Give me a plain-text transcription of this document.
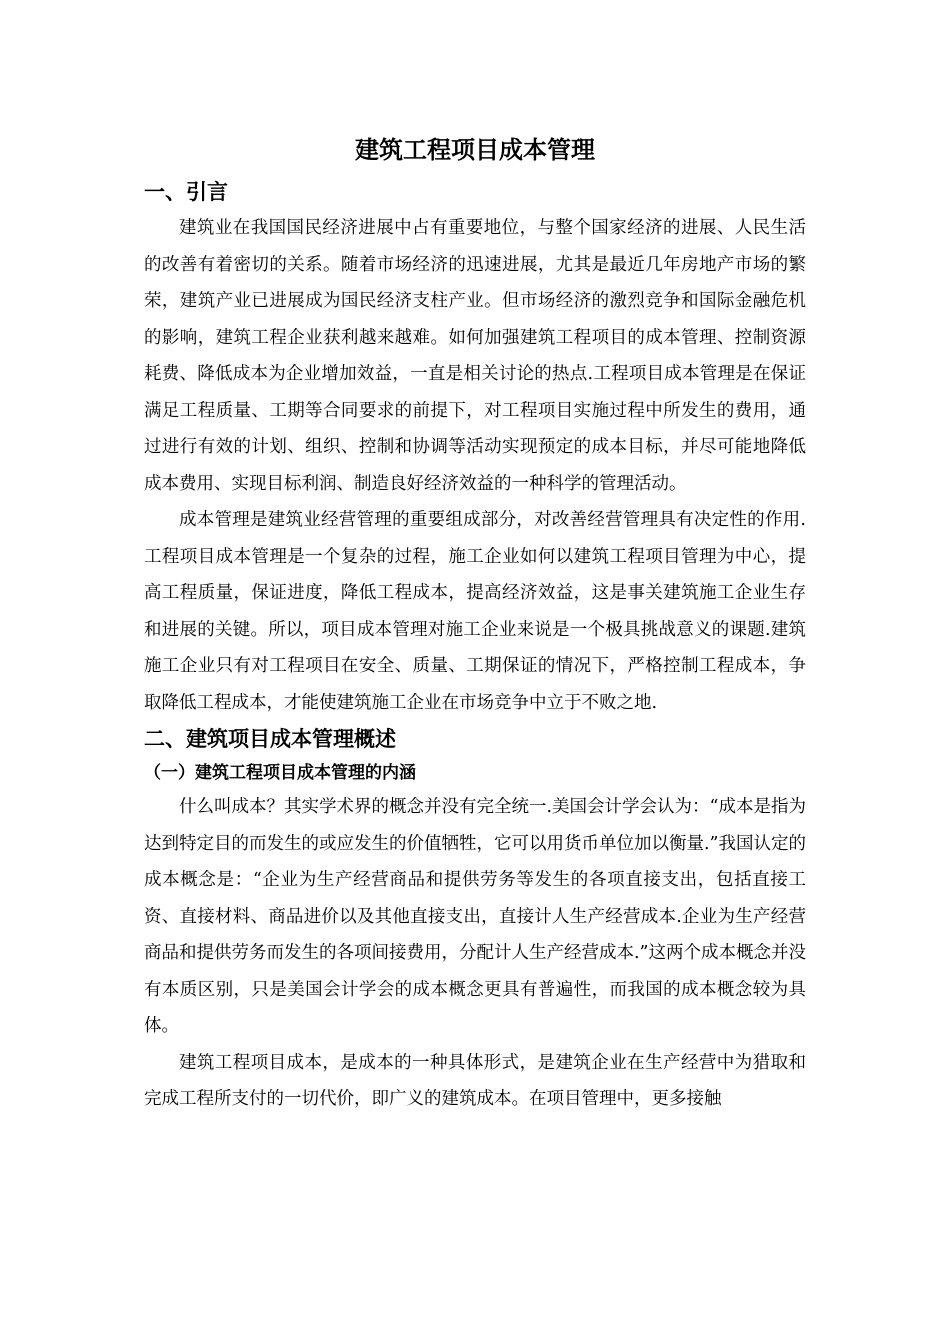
建筑工程项目成本管理
一、引言

建筑业在我国国民经济进展中占有重要地位，与整个国家经济的进展、人民生活的改善有着密切的关系。随着市场经济的迅速进展，尤其是最近几年房地产市场的繁荣，建筑产业已进展成为国民经济支柱产业。但市场经济的激烈竞争和国际金融危机的影响，建筑工程企业获利越来越难。如何加强建筑工程项目的成本管理、控制资源耗费、降低成本为企业增加效益，一直是相关讨论的热点.工程项目成本管理是在保证满足工程质量、工期等合同要求的前提下，对工程项目实施过程中所发生的费用，通过进行有效的计划、组织、控制和协调等活动实现预定的成本目标，并尽可能地降低成本费用、实现目标利润、制造良好经济效益的一种科学的管理活动。

成本管理是建筑业经营管理的重要组成部分，对改善经营管理具有决定性的作用.工程项目成本管理是一个复杂的过程，施工企业如何以建筑工程项目管理为中心，提高工程质量，保证进度，降低工程成本，提高经济效益，这是事关建筑施工企业生存和进展的关键。所以，项目成本管理对施工企业来说是一个极具挑战意义的课题.建筑施工企业只有对工程项目在安全、质量、工期保证的情况下，严格控制工程成本，争取降低工程成本，才能使建筑施工企业在市场竞争中立于不败之地.

二、建筑项目成本管理概述
（一）建筑工程项目成本管理的内涵

什么叫成本？其实学术界的概念并没有完全统一.美国会计学会认为：“成本是指为达到特定目的而发生的或应发生的价值牺牲，它可以用货币单位加以衡量.”我国认定的成本概念是：“企业为生产经营商品和提供劳务等发生的各项直接支出，包括直接工资、直接材料、商品进价以及其他直接支出，直接计人生产经营成本.企业为生产经营商品和提供劳务而发生的各项间接费用，分配计人生产经营成本.”这两个成本概念并没有本质区别，只是美国会计学会的成本概念更具有普遍性，而我国的成本概念较为具体。

建筑工程项目成本，是成本的一种具体形式，是建筑企业在生产经营中为猎取和完成工程所支付的一切代价，即广义的建筑成本。在项目管理中，更多接触
